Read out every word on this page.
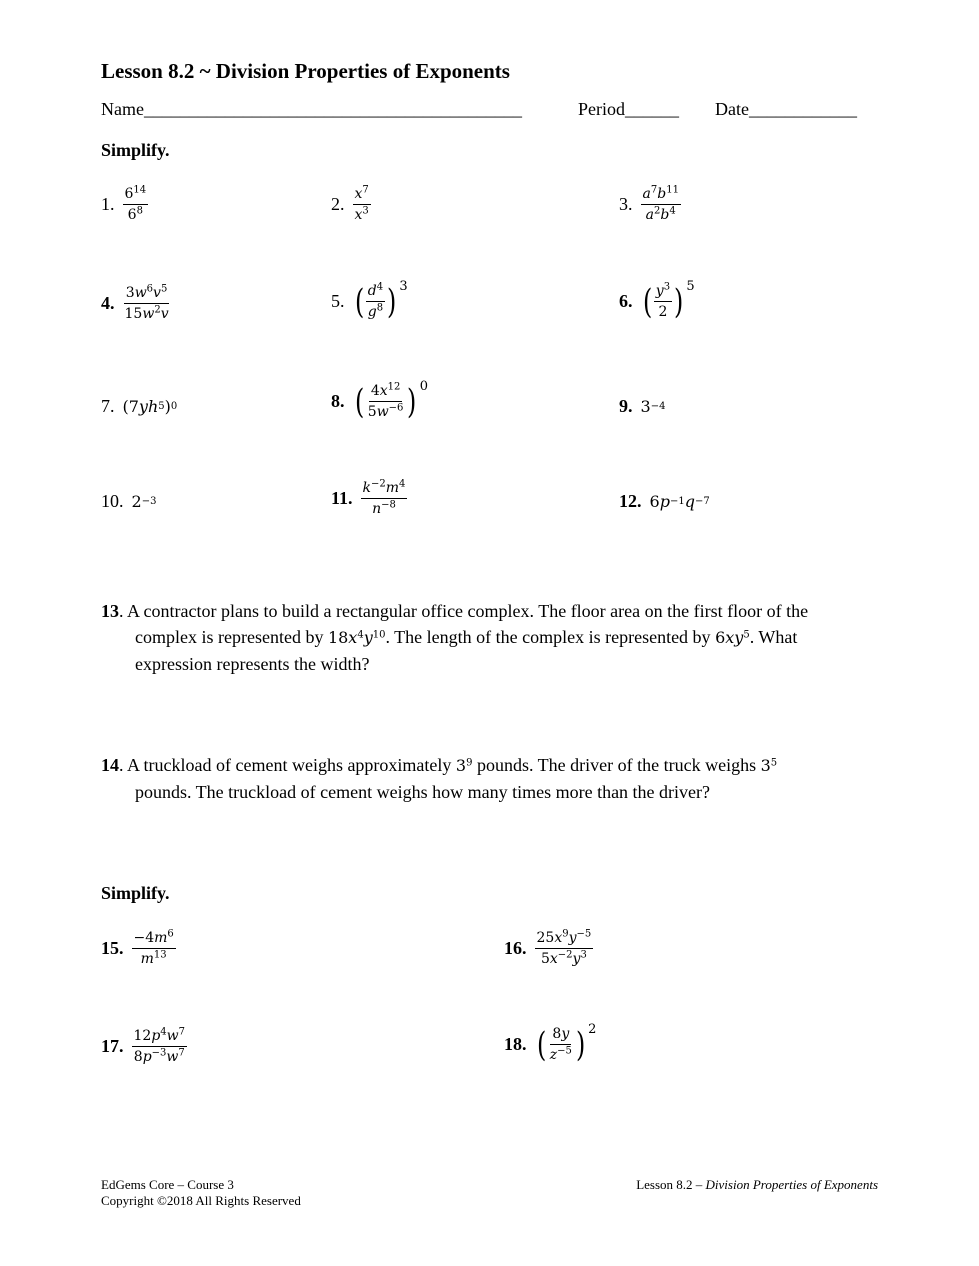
Lesson 8.2 ~ Division Properties of Exponents
Name__________________________________________	Period______ Date____________
Simplify.
1. $\frac{6^{14}}{6^8}$	2. $\frac{x^7}{x^3}$	3. $\frac{a^7b^{11}}{a^2b^4}$
4. $\frac{3w^6v^5}{15w^2v}$	5. ( $\frac{d^4}{g^8}$ ) 3
6. ( $\frac{y^3}{2}$ ) 5
7. (7 y h 5 ) 0	8. ( $\frac{4x^{12}}{5w^{-6}}$ ) 0
9. 3 −4
10. 2 −3	11. $\frac{k^{-2}m^4}{n^{-8}}$	12. 6 p −1 q −7
13. A contractor plans to build a rectangular office complex. The floor area on the first floor of the
complex is represented by $18x^4y^{10}$. The length of the complex is represented by $6xy^5$. What
expression represents the width?
14. A truckload of cement weighs approximately $3^9$ pounds. The driver of the truck weighs $3^5$
pounds. The truckload of cement weighs how many times more than the driver?
Simplify.
15. $\frac{-4m^6}{m^{13}}$	16. $\frac{25x^9y^{-5}}{5x^{-2}y^3}$
17. $\frac{12p^4w^7}{8p^{-3}w^7}$	18. ( $\frac{8y}{z^{-5}}$ ) 2
EdGems Core – Course 3
Copyright ©2018 All Rights Reserved
Lesson 8.2 – Division Properties of Exponents
